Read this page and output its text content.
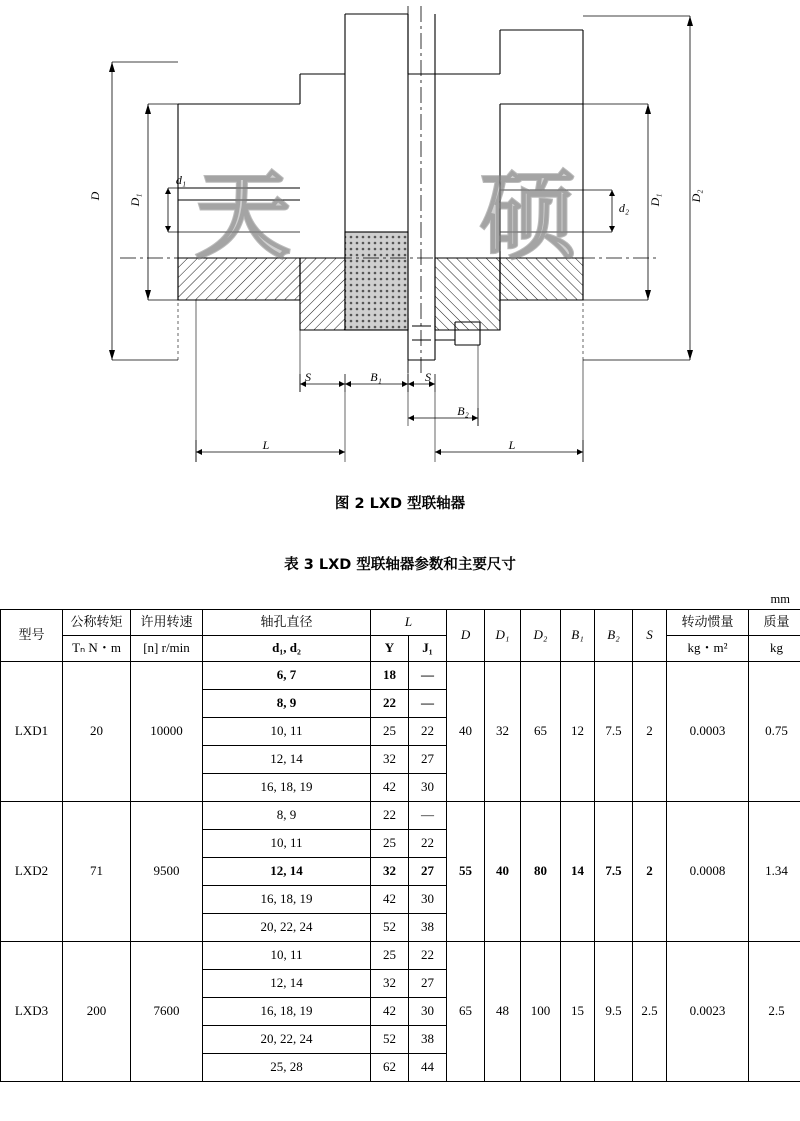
D D₁
d₁
d₂
D₁ D₂
S	B₁	S
B₂
L	L
天 硕
图 2 LXD 型联轴器
表 3 LXD 型联轴器参数和主要尺寸
mm
型号	公称转矩	许用转速	轴孔直径	L		D	D₁	D₂	B₁	B₂	S	转动惯量	质量
	Tₙ N・m	[n] r/min	d₁, d₂	Y	J₁							kg・m²	kg
LXD1	20	10000	6, 7	18	—	40	32	65	12	7.5	2	0.0003	0.75
			8, 9	22	—								
			10, 11	25	22								
			12, 14	32	27								
			16, 18, 19	42	30								
LXD2	71	9500	8, 9	22	—	55	40	80	14	7.5	2	0.0008	1.34
			10, 11	25	22								
			12, 14	32	27								
			16, 18, 19	42	30								
			20, 22, 24	52	38								
LXD3	200	7600	10, 11	25	22	65	48	100	15	9.5	2.5	0.0023	2.5
			12, 14	32	27								
			16, 18, 19	42	30								
			20, 22, 24	52	38								
			25, 28	62	44								
